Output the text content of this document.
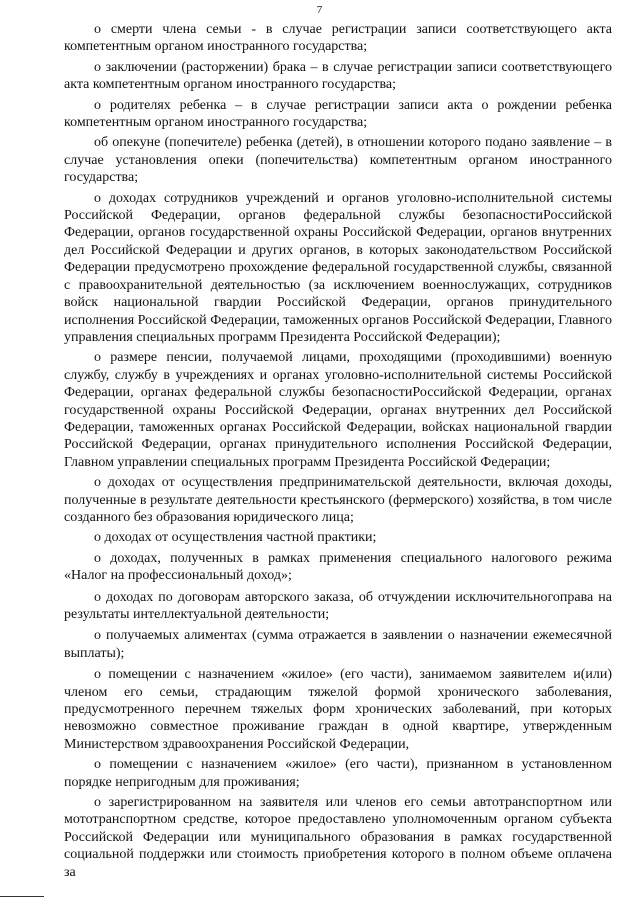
7

о смерти члена семьи - в случае регистрации записи соответствующего акта компетентным органом иностранного государства;

о заключении (расторжении) брака – в случае регистрации записи соответствующего акта компетентным органом иностранного государства;

о родителях ребенка – в случае регистрации записи акта о рождении ребенка компетентным органом иностранного государства;

об опекуне (попечителе) ребенка (детей), в отношении которого подано заявление – в случае установления опеки (попечительства) компетентным органом иностранного государства;

о доходах сотрудников учреждений и органов уголовно-исполнительной системы Российской Федерации, органов федеральной службы безопасностиРоссийской Федерации, органов государственной охраны Российской Федерации, органов внутренних дел Российской Федерации и других органов, в которых законодательством Российской Федерации предусмотрено прохождение федеральной государственной службы, связанной с правоохранительной деятельностью (за исключением военнослужащих, сотрудников войск национальной гвардии Российской Федерации, органов принудительного исполнения Российской Федерации, таможенных органов Российской Федерации, Главного управления специальных программ Президента Российской Федерации);

о размере пенсии, получаемой лицами, проходящими (проходившими) военную службу, службу в учреждениях и органах уголовно-исполнительной системы Российской Федерации, органах федеральной службы безопасностиРоссийской Федерации, органах государственной охраны Российской Федерации, органах внутренних дел Российской Федерации, таможенных органах Российской Федерации, войсках национальной гвардии Российской Федерации, органах принудительного исполнения Российской Федерации, Главном управлении специальных программ Президента Российской Федерации;

о доходах от осуществления предпринимательской деятельности, включая доходы, полученные в результате деятельности крестьянского (фермерского) хозяйства, в том числе созданного без образования юридического лица;

о доходах от осуществления частной практики;

о доходах, полученных в рамках применения специального налогового режима «Налог на профессиональный доход»;

о доходах по договорам авторского заказа, об отчуждении исключительногоправа на результаты интеллектуальной деятельности;

о получаемых алиментах (сумма отражается в заявлении о назначении ежемесячной выплаты);

о помещении с назначением «жилое» (его части), занимаемом заявителем и(или) членом его семьи, страдающим тяжелой формой хронического заболевания, предусмотренного перечнем тяжелых форм хронических заболеваний, при которых невозможно совместное проживание граждан в одной квартире, утвержденным Министерством здравоохранения Российской Федерации,

о помещении с назначением «жилое» (его части), признанном в установленном порядке непригодным для проживания;

о зарегистрированном на заявителя или членов его семьи автотранспортном или мототранспортном средстве, которое предоставлено уполномоченным органом субъекта Российской Федерации или муниципального образования в рамках государственной социальной поддержки или стоимость приобретения которого в полном объеме оплачена за
